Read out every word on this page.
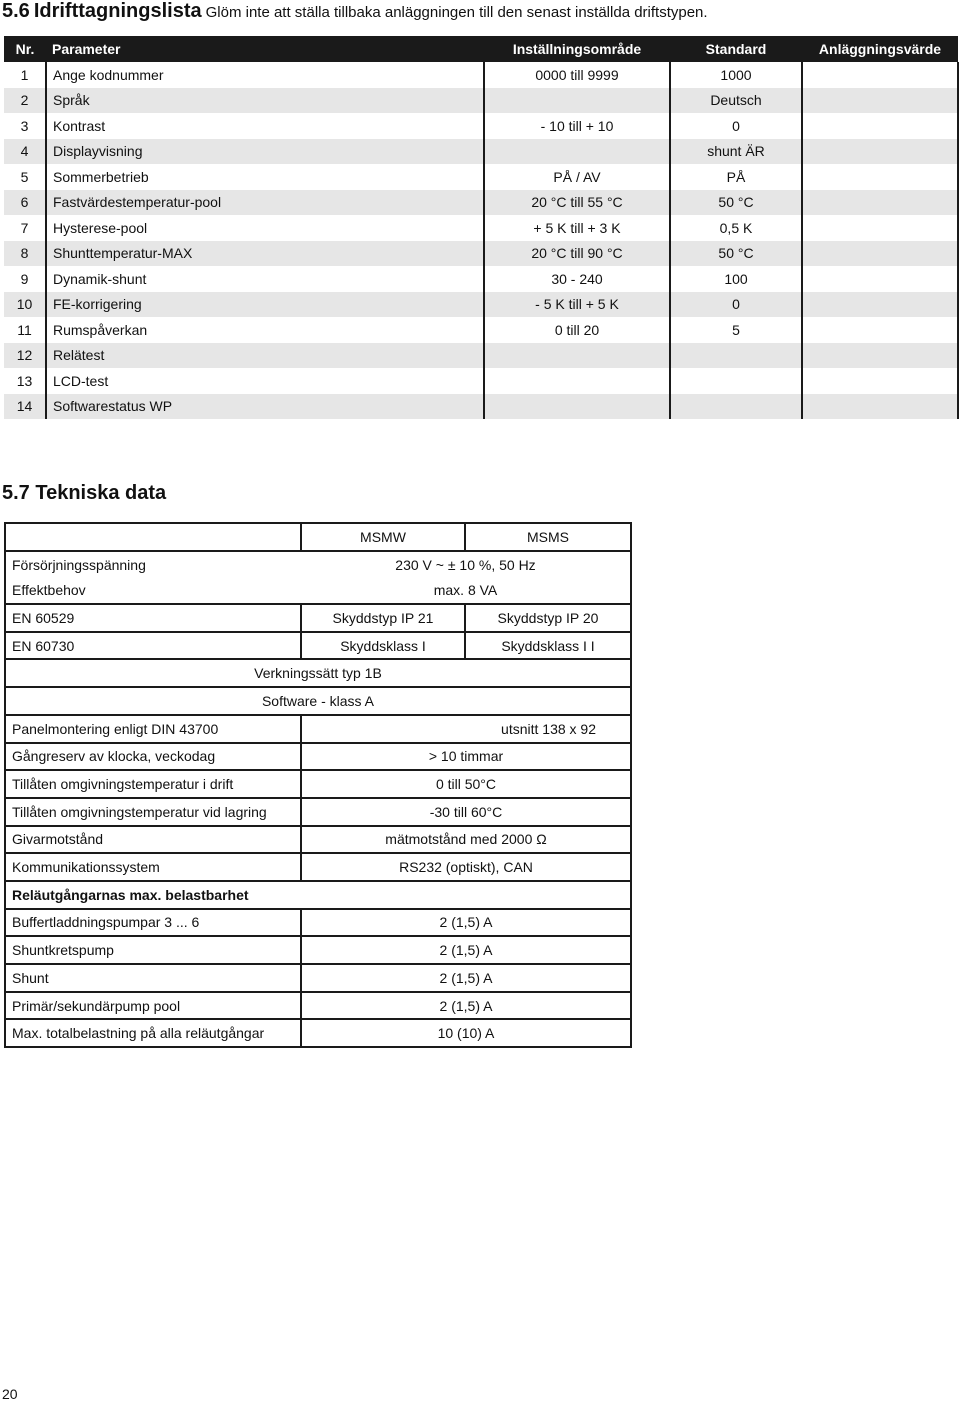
5.6 Idrifttagningslista Glöm inte att ställa tillbaka anläggningen till den senast inställda driftstypen.
Nr.	Parameter	Inställningsområde	Standard	Anläggningsvärde
1	Ange kodnummer	0000 till 9999	1000	
2	Språk		Deutsch	
3	Kontrast	- 10 till + 10	0	
4	Displayvisning		shunt ÄR	
5	Sommerbetrieb	PÅ / AV	PÅ	
6	Fastvärdestemperatur-pool	20 °C till 55 °C	50 °C	
7	Hysterese-pool	+ 5 K till + 3 K	0,5 K	
8	Shunttemperatur-MAX	20 °C till 90 °C	50 °C	
9	Dynamik-shunt	30 - 240	100	
10	FE-korrigering	- 5 K till + 5 K	0	
11	Rumspåverkan	0 till 20	5	
12	Relätest			
13	LCD-test			
14	Softwarestatus WP			
5.7 Tekniska data
	MSMW	MSMS
Försörjningsspänning	230 V ~ ± 10 %, 50 Hz	
Effektbehov	max. 8 VA	
EN 60529	Skyddstyp IP 21	Skyddstyp IP 20
EN 60730	Skyddsklass I	Skyddsklass I I
Verkningssätt typ 1B		
Software - klass A		
Panelmontering enligt DIN 43700	utsnitt 138 x 92	
Gångreserv av klocka, veckodag	> 10 timmar	
Tillåten omgivningstemperatur i drift	0 till 50°C	
Tillåten omgivningstemperatur vid lagring	-30 till 60°C	
Givarmotstånd	mätmotstånd med 2000 Ω	
Kommunikationssystem	RS232 (optiskt), CAN	
Reläutgångarnas max. belastbarhet		
Buffertladdningspumpar 3 ... 6	2 (1,5) A	
Shuntkretspump	2 (1,5) A	
Shunt	2 (1,5) A	
Primär/sekundärpump pool	2 (1,5) A	
Max. totalbelastning på alla reläutgångar	10 (10) A	
20
